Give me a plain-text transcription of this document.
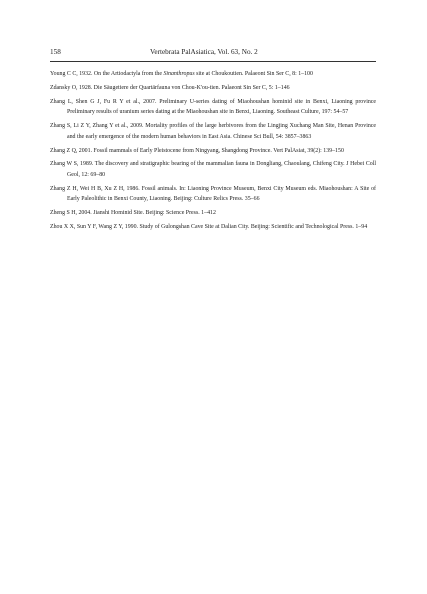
158	Vertebrata PalAsiatica, Vol. 63, No. 2
Young C C, 1932. On the Artiodactyla from the Sinanthropus site at Choukoutien. Palaeont Sin Ser C, 8: 1–100
Zdansky O, 1928. Die Säugetiere der Quartärfauna von Chou-K'ou-tien. Palaeont Sin Ser C, 5: 1–146
Zhang L, Shen G J, Fu R Y et al., 2007. Preliminary U-series dating of Miaohoushan hominid site in Benxi, Liaoning province Preliminary results of uranium series dating at the Miaohoushan site in Benxi, Liaoning. Southeast Culture, 197: 54–57
Zhang S, Li Z Y, Zhang Y et al., 2009. Mortality profiles of the large herbivores from the Lingjing Xuchang Man Site, Henan Province and the early emergence of the modern human behaviors in East Asia. Chinese Sci Bull, 54: 3857–3863
Zhang Z Q, 2001. Fossil mammals of Early Pleistocene from Ningyang, Shangdong Province. Vert PalAsiat, 39(2): 139–150
Zhang W S, 1989. The discovery and stratigraphic bearing of the mammalian fauna in Dongliang, Chaoulang, Chifeng City. J Hebei Coll Geol, 12: 69–80
Zhang Z H, Wei H B, Xu Z H, 1986. Fossil animals. In: Liaoning Province Museum, Benxi City Museum eds. Miaohoushan: A Site of Early Paleolithic in Benxi County, Liaoning. Beijing: Culture Relics Press. 35–66
Zheng S H, 2004. Jianshi Hominid Site. Beijing: Science Press. 1–412
Zhou X X, Sun Y F, Wang Z Y, 1990. Study of Gulongshan Cave Site at Dalian City. Beijing: Scientific and Technological Press. 1–94
